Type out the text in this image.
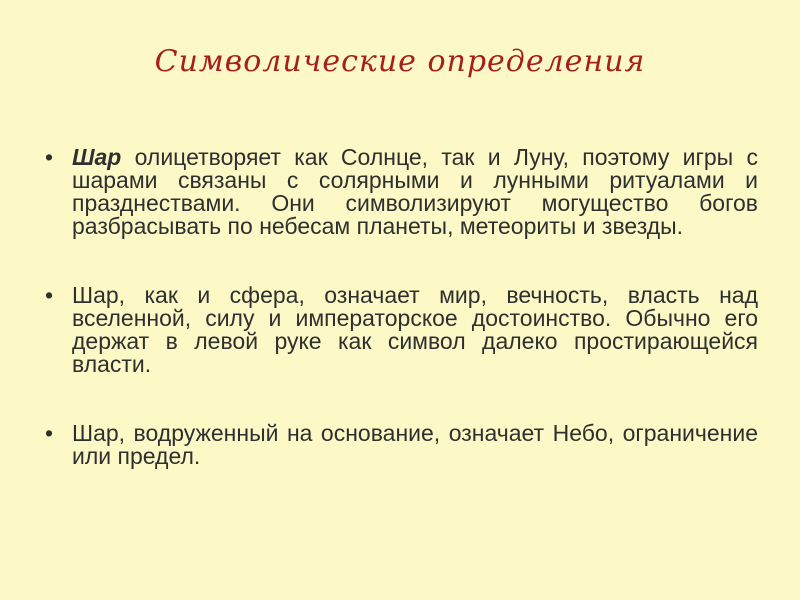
Символические определения

• Шар олицетворяет как Солнце, так и Луну, поэтому игры с шарами связаны с солярными и лунными ритуалами и празднествами. Они символизируют могущество богов разбрасывать по небесам планеты, метеориты и звезды.

• Шар, как и сфера, означает мир, вечность, власть над вселенной, силу и императорское достоинство. Обычно его держат в левой руке как символ далеко простирающейся власти.

• Шар, водруженный на основание, означает Небо, ограничение или предел.
